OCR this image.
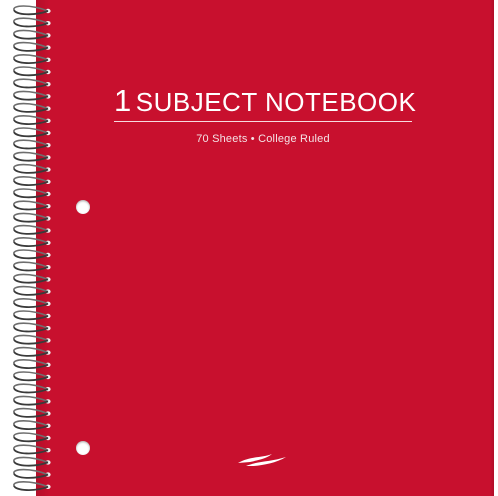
1 SUBJECT NOTEBOOK
70 Sheets • College Ruled
